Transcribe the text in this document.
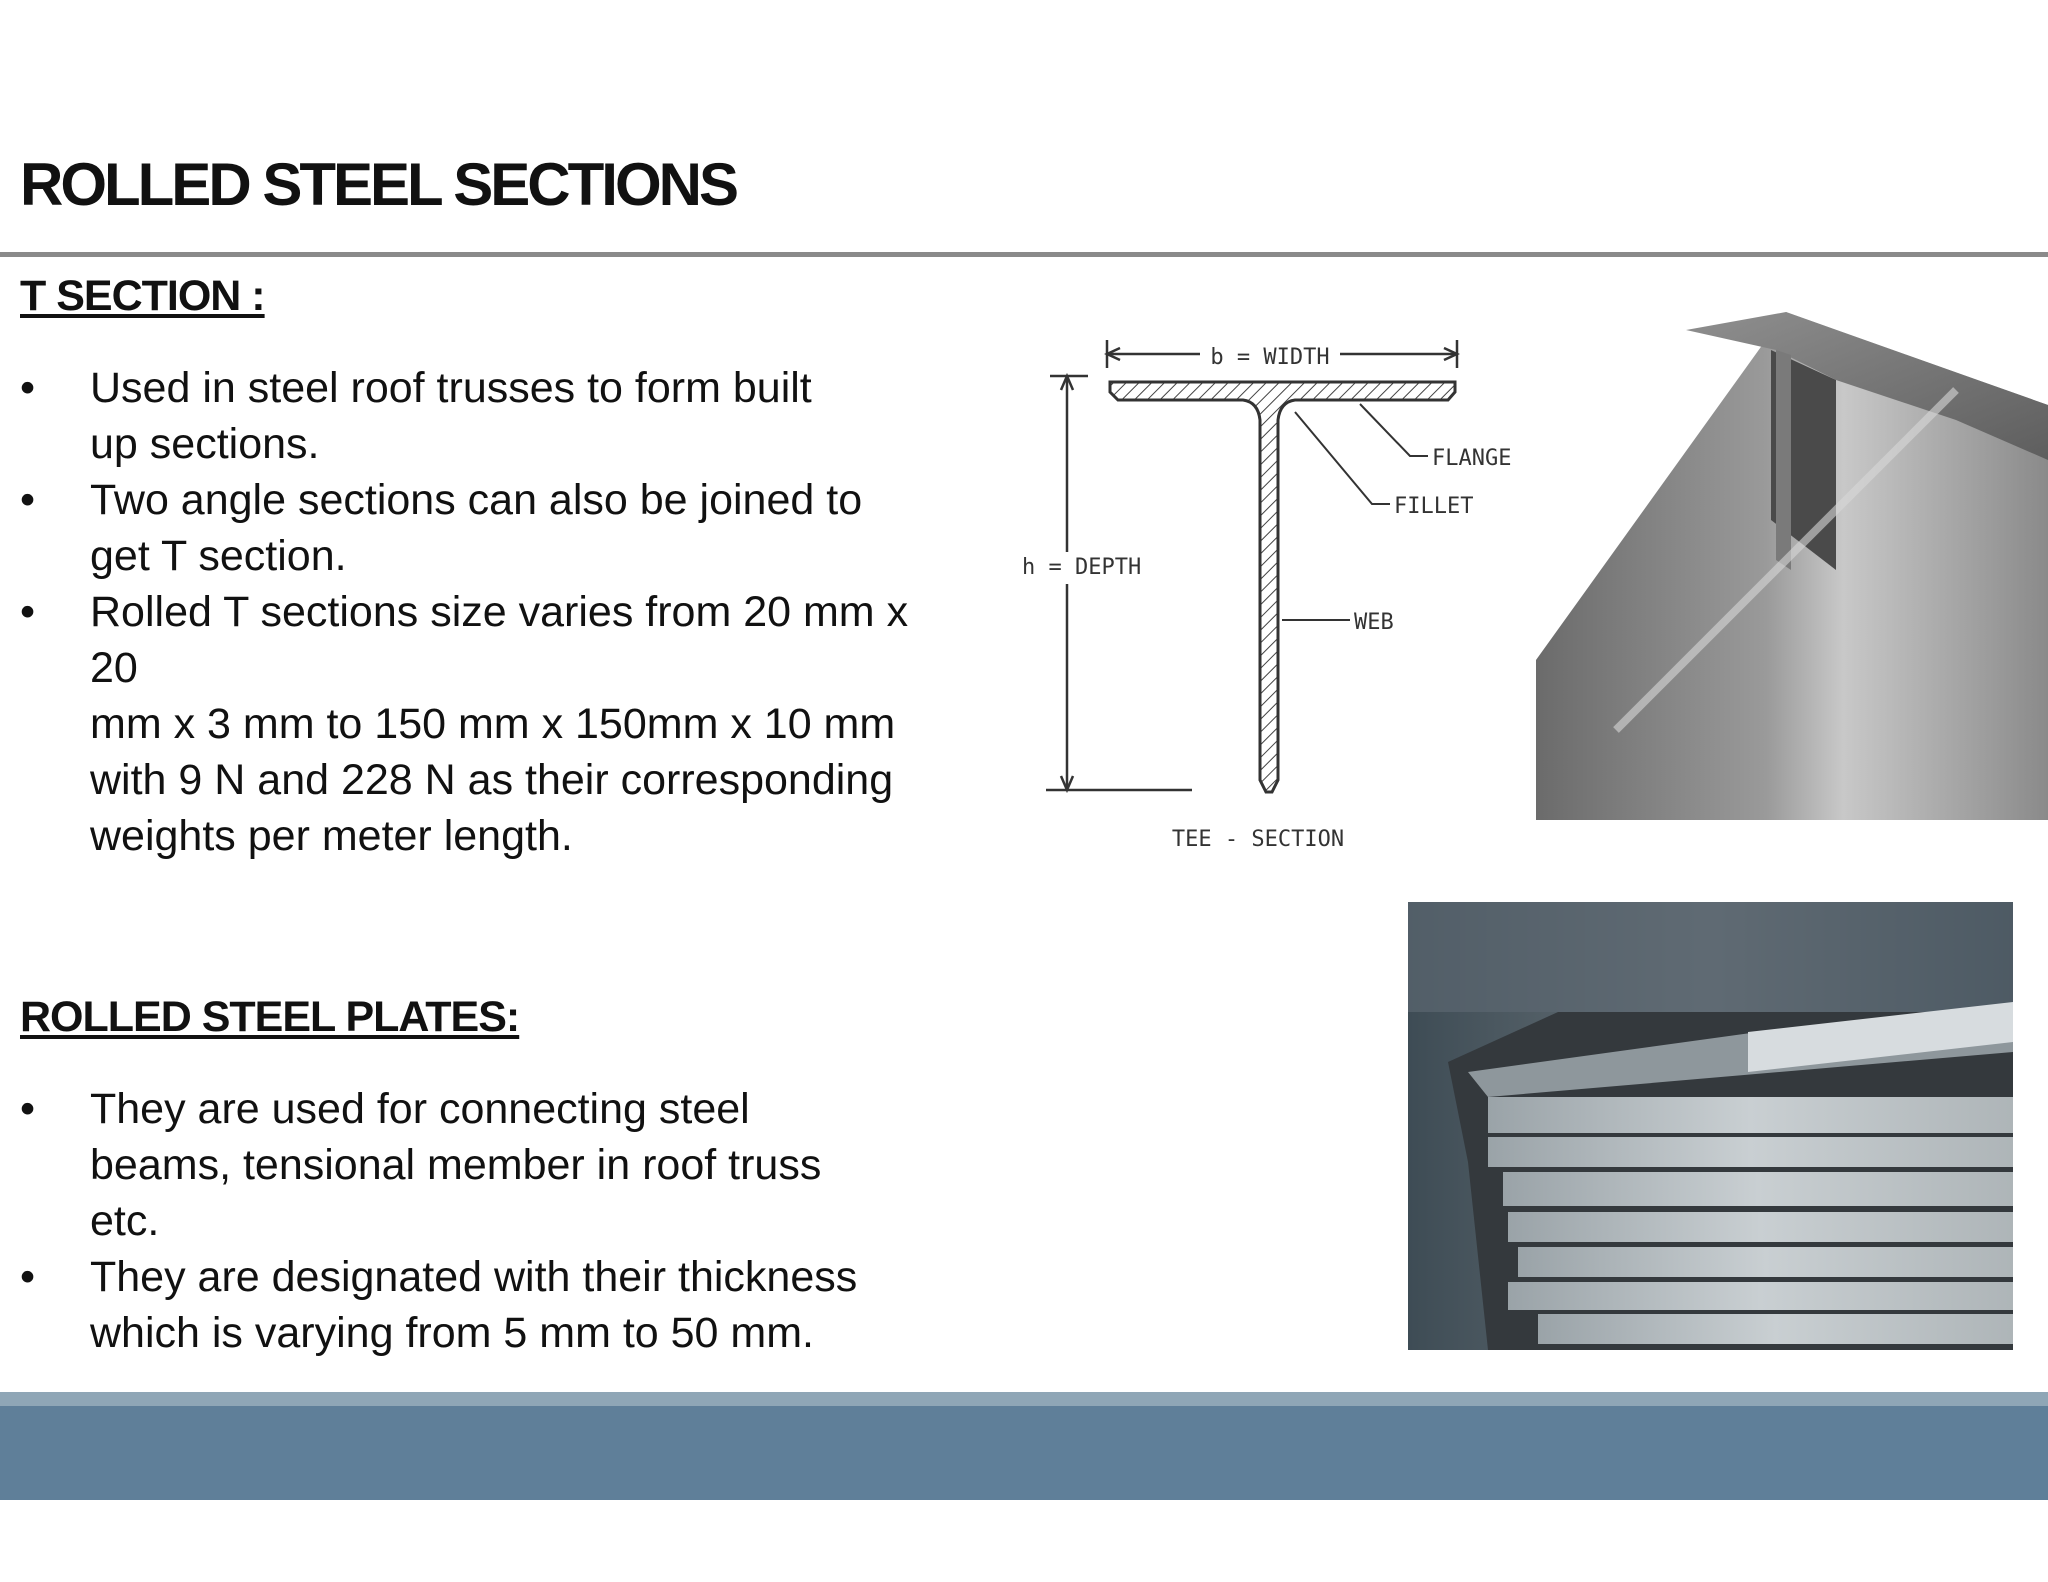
ROLLED STEEL SECTIONS
T SECTION :
• Used in steel roof trusses to form built
up sections.
• Two angle sections can also be joined to
get T section.
• Rolled T sections size varies from 20 mm x
20
mm x 3 mm to 150 mm x 150mm x 10 mm
with 9 N and 228 N as their corresponding
weights per meter length.
b = WIDTH
h = DEPTH
FLANGE
FILLET
WEB
TEE - SECTION
ROLLED STEEL PLATES:
• They are used for connecting steel
beams, tensional member in roof truss
etc.
• They are designated with their thickness
which is varying from 5 mm to 50 mm.
